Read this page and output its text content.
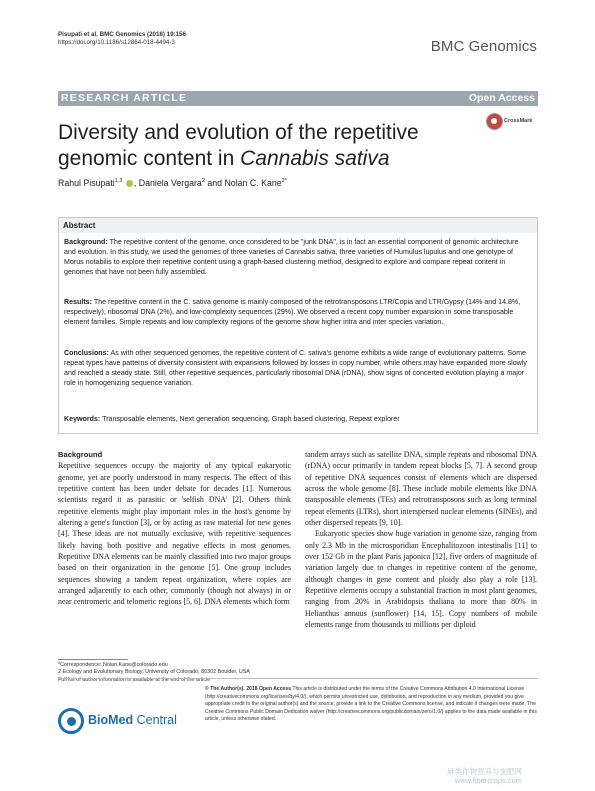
Pisupati et al. BMC Genomics (2018) 19:156
https://doi.org/10.1186/s12864-018-4494-3	BMC Genomics
RESEARCH ARTICLE	Open Access
Diversity and evolution of the repetitive genomic content in Cannabis sativa
CrossMark
Rahul Pisupati$^{1,3}$ , Daniela Vergara$^2$ and Nolan C. Kane$^{2*}$
Abstract
Background: The repetitive content of the genome, once considered to be "junk DNA", is in fact an essential component of genomic architecture and evolution. In this study, we used the genomes of three varieties of Cannabis sativa, three varieties of Humulus lupulus and one genotype of Morus notabilis to explore their repetitive content using a graph-based clustering method, designed to explore and compare repeat content in genomes that have not been fully assembled.
Results: The repetitive content in the C. sativa genome is mainly composed of the retrotransposons LTR/Copia and LTR/Gypsy (14% and 14.8%, respectively), ribosomal DNA (2%), and low-complexity sequences (29%). We observed a recent copy number expansion in some transposable element families. Simple repeats and low complexity regions of the genome show higher intra and inter species variation.
Conclusions: As with other sequenced genomes, the repetitive content of C. sativa's genome exhibits a wide range of evolutionary patterns. Some repeat types have patterns of diversity consistent with expansions followed by losses in copy number, while others may have expanded more slowly and reached a steady state. Still, other repetitive sequences, particularly ribosomal DNA (rDNA), show signs of concerted evolution playing a major role in homogenizing sequence variation.
Keywords: Transposable elements, Next generation sequencing, Graph based clustering, Repeat explorer
Background

Repetitive sequences occupy the majority of any typical eukaryotic genome, yet are poorly understood in many respects. The effect of this repetitive content has been under debate for decades [1]. Numerous scientists regard it as parasitic or 'selfish DNA' [2]. Others think repetitive elements might play important roles in the host's genome by altering a gene's function [3], or by acting as raw material for new genes [4]. These ideas are not mutually exclusive, with repetitive sequences likely having both positive and negative effects in most genomes. Repetitive DNA elements can be mainly classified into two major groups based on their organization in the genome [5]. One group includes sequences showing a tandem repeat organization, where copies are arranged adjacently to each other, commonly (though not always) in or near centromeric and telomeric regions [5, 6]. DNA elements which form

tandem arrays such as satellite DNA, simple repeats and ribosomal DNA (rDNA) occur primarily in tandem repeat blocks [5, 7]. A second group of repetitive DNA sequences consist of elements which are dispersed across the whole genome [8]. These include mobile elements like DNA transposable elements (TEs) and retrotransposons such as long terminal repeat elements (LTRs), short interspersed nuclear elements (SINEs), and other dispersed repeats [9, 10].

Eukaryotic species show huge variation in genome size, ranging from only 2.3 Mb in the microsporidian Encephalitozoon intestinalis [11] to over 152 Gb in the plant Paris japonica [12], five orders of magnitude of variation largely due to changes in repetitive content of the genome, although changes in gene content and ploidy also play a role [13]. Repetitive elements occupy a substantial fraction in most plant genomes, ranging from 20% in Arabidopsis thaliana to more than 80% in Helianthus annuus (sunflower) [14, 15]. Copy numbers of mobile elements range from thousands to millions per diploid

*Correspondence: Nolan.Kane@colorado.edu
2 Ecology and Evolutionary Biology, University of Colorado, 80302 Boulder, USA
Full list of author information is available at the end of the article
BioMed Central
© The Author(s). 2018 Open Access This article is distributed under the terms of the Creative Commons Attribution 4.0 International License (http://creativecommons.org/licenses/by/4.0/), which permits unrestricted use, distribution, and reproduction in any medium, provided you give appropriate credit to the original author(s) and the source, provide a link to the Creative Commons license, and indicate if changes were made. The Creative Commons Public Domain Dedication waiver (http://creativecommons.org/publicdomain/zero/1.0/) applies to the data made available in this article, unless otherwise stated.
麻类作物营养与施肥网
www.fibercrops.com
